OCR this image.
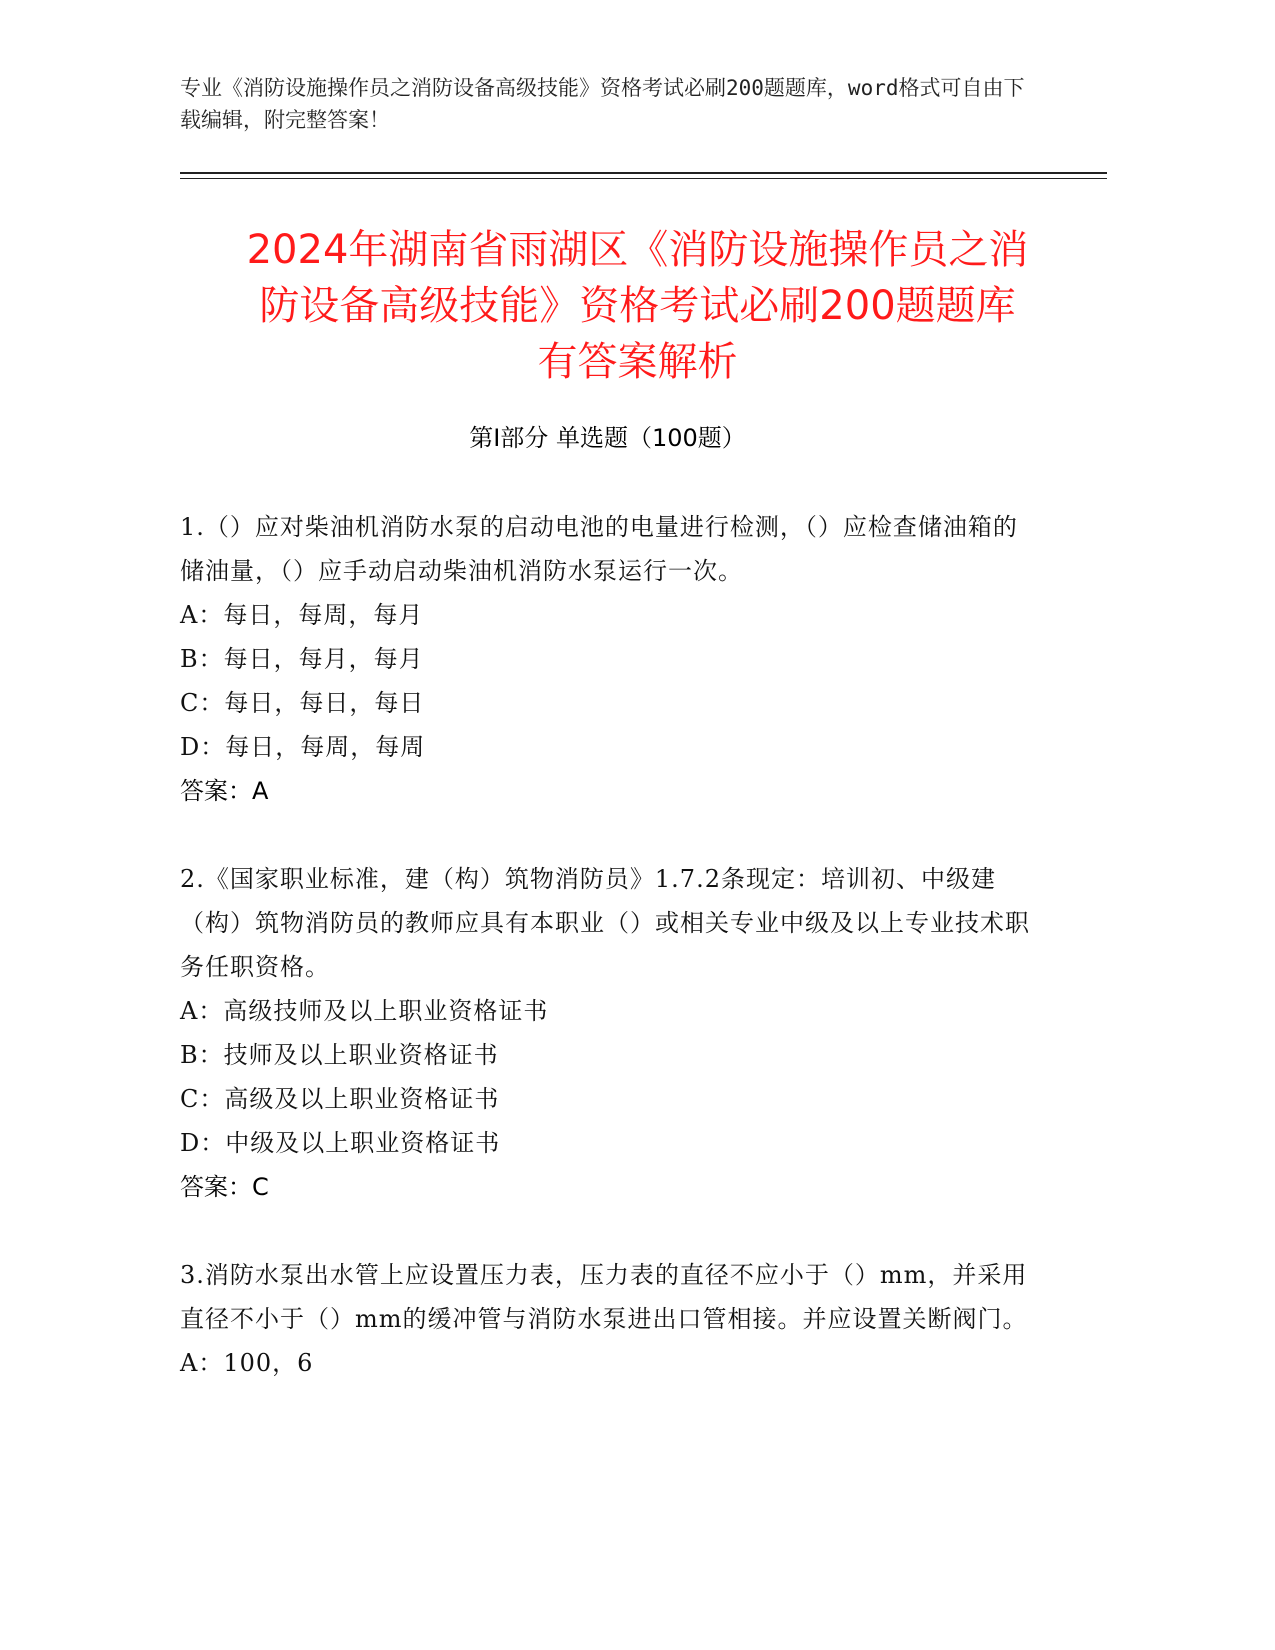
专业《消防设施操作员之消防设备高级技能》资格考试必刷200题题库，word格式可自由下载编辑，附完整答案！
2024年湖南省雨湖区《消防设施操作员之消
防设备高级技能》资格考试必刷200题题库
有答案解析
第Ⅰ部分 单选题（100题）
1.（）应对柴油机消防水泵的启动电池的电量进行检测，（）应检查储油箱的储油量，（）应手动启动柴油机消防水泵运行一次。
A：每日，每周，每月
B：每日，每月，每月
C：每日，每日，每日
D：每日，每周，每周
答案：A
2.《国家职业标准，建（构）筑物消防员》1.7.2条现定：培训初、中级建（构）筑物消防员的教师应具有本职业（）或相关专业中级及以上专业技术职务任职资格。
A：高级技师及以上职业资格证书
B：技师及以上职业资格证书
C：高级及以上职业资格证书
D：中级及以上职业资格证书
答案：C
3.消防水泵出水管上应设置压力表，压力表的直径不应小于（）mm，并采用直径不小于（）mm的缓冲管与消防水泵进出口管相接。并应设置关断阀门。
A：100，6
